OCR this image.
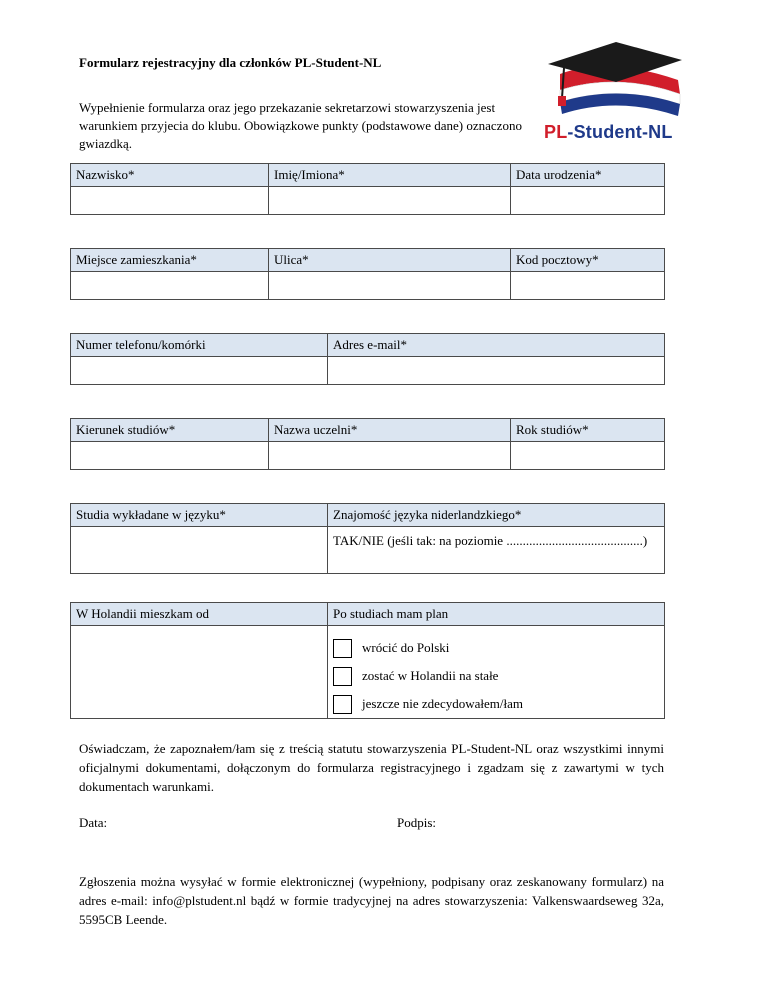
Formularz rejestracyjny dla członków PL-Student-NL
Wypełnienie formularza oraz jego przekazanie sekretarzowi stowarzyszenia jest warunkiem przyjecia do klubu. Obowiązkowe punkty (podstawowe dane) oznaczono gwiazdką.
PL-Student-NL
Nazwisko*	Imię/Imiona*	Data urodzenia*

Miejsce zamieszkania*	Ulica*	Kod pocztowy*

Numer telefonu/komórki	Adres e-mail*

Kierunek studiów*	Nazwa uczelni*	Rok studiów*

Studia wykładane w języku*	Znajomość języka niderlandzkiego*

	TAK/NIE (jeśli tak: na poziomie ..........................................)
W Holandii mieszkam od	Po studiach mam plan

	wrócić do Polski
zostać w Holandii na stałe
jeszcze nie zdecydowałem/łam
Oświadczam, że zapoznałem/łam się z treścią statutu stowarzyszenia PL-Student-NL oraz wszystkimi innymi oficjalnymi dokumentami, dołączonym do formularza registracyjnego i zgadzam się z zawartymi w tych dokumentach warunkami.
Data:	Podpis:
Zgłoszenia można wysyłać w formie elektronicznej (wypełniony, podpisany oraz zeskanowany formularz) na adres e-mail: info@plstudent.nl bądź w formie tradycyjnej na adres stowarzyszenia: Valkenswaardseweg 32a, 5595CB Leende.
